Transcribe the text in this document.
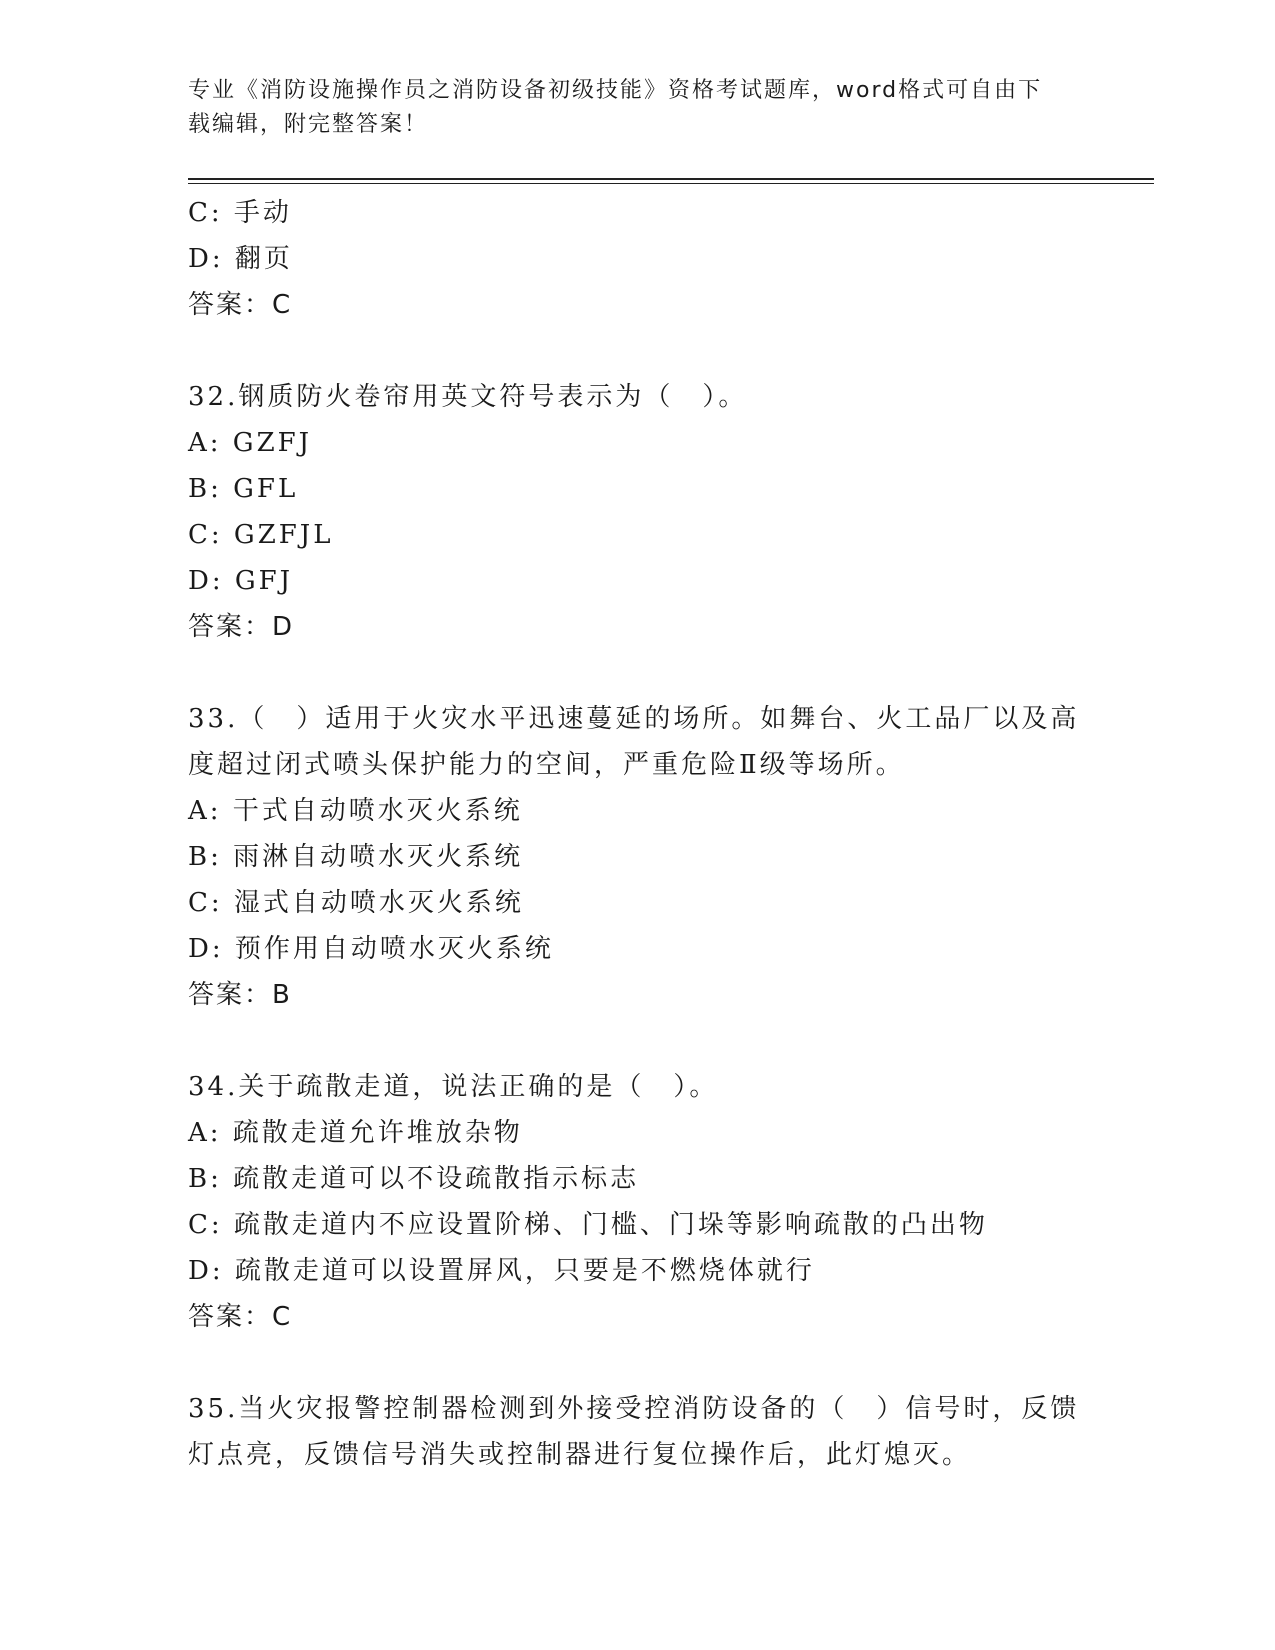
专业《消防设施操作员之消防设备初级技能》资格考试题库，word格式可自由下
载编辑，附完整答案！
C: 手动
D: 翻页
答案：C
32.钢质防火卷帘用英文符号表示为（　）。
A: GZFJ
B: GFL
C: GZFJL
D: GFJ
答案：D
33.（　）适用于火灾水平迅速蔓延的场所。如舞台、火工品厂以及高
度超过闭式喷头保护能力的空间，严重危险Ⅱ级等场所。
A: 干式自动喷水灭火系统
B: 雨淋自动喷水灭火系统
C: 湿式自动喷水灭火系统
D: 预作用自动喷水灭火系统
答案：B
34.关于疏散走道，说法正确的是（　）。
A: 疏散走道允许堆放杂物
B: 疏散走道可以不设疏散指示标志
C: 疏散走道内不应设置阶梯、门槛、门垛等影响疏散的凸出物
D: 疏散走道可以设置屏风，只要是不燃烧体就行
答案：C
35.当火灾报警控制器检测到外接受控消防设备的（　）信号时，反馈
灯点亮，反馈信号消失或控制器进行复位操作后，此灯熄灭。
